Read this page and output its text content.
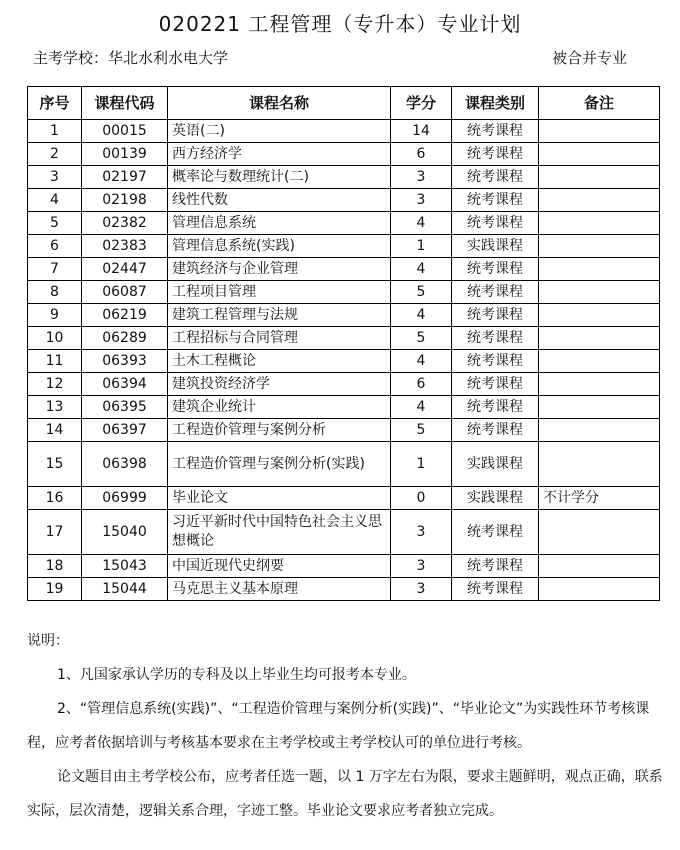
020221 工程管理（专升本）专业计划
主考学校：华北水利水电大学	被合并专业
序号	课程代码	课程名称	学分	课程类别	备注
1	00015	英语(二)	14	统考课程	
2	00139	西方经济学	6	统考课程	
3	02197	概率论与数理统计(二)	3	统考课程	
4	02198	线性代数	3	统考课程	
5	02382	管理信息系统	4	统考课程	
6	02383	管理信息系统(实践)	1	实践课程	
7	02447	建筑经济与企业管理	4	统考课程	
8	06087	工程项目管理	5	统考课程	
9	06219	建筑工程管理与法规	4	统考课程	
10	06289	工程招标与合同管理	5	统考课程	
11	06393	土木工程概论	4	统考课程	
12	06394	建筑投资经济学	6	统考课程	
13	06395	建筑企业统计	4	统考课程	
14	06397	工程造价管理与案例分析	5	统考课程	
15	06398	工程造价管理与案例分析(实践)	1	实践课程	
16	06999	毕业论文	0	实践课程	不计学分
17	15040	习近平新时代中国特色社会主义思想概论	3	统考课程	
18	15043	中国近现代史纲要	3	统考课程	
19	15044	马克思主义基本原理	3	统考课程	

说明：

1、凡国家承认学历的专科及以上毕业生均可报考本专业。

2、“管理信息系统(实践)”、“工程造价管理与案例分析(实践)”、“毕业论文”为实践性环节考核课程，应考者依据培训与考核基本要求在主考学校或主考学校认可的单位进行考核。

论文题目由主考学校公布，应考者任选一题，以 1 万字左右为限，要求主题鲜明，观点正确，联系实际，层次清楚，逻辑关系合理，字迹工整。毕业论文要求应考者独立完成。
